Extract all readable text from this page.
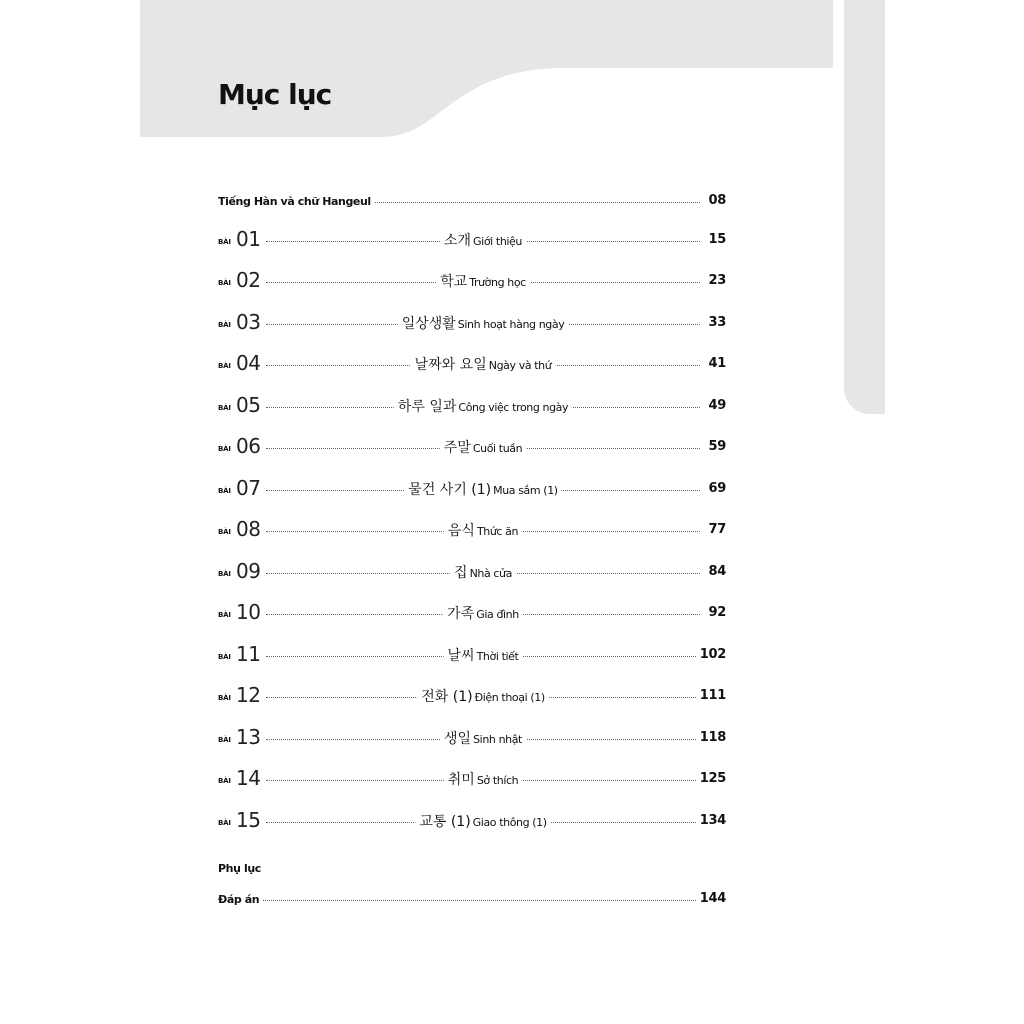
Mục lục
Tiếng Hàn và chữ Hangeul	08
BÀI 01	소개 Giới thiệu	15
BÀI 02	학교 Trường học	23
BÀI 03	일상생활 Sinh hoạt hàng ngày	33
BÀI 04	날짜와 요일 Ngày và thứ	41
BÀI 05	하루 일과 Công việc trong ngày	49
BÀI 06	주말 Cuối tuần	59
BÀI 07	물건 사기 (1) Mua sắm (1)	69
BÀI 08	음식 Thức ăn	77
BÀI 09	집 Nhà cửa	84
BÀI 10	가족 Gia đình	92
BÀI 11	날씨 Thời tiết	102
BÀI 12	전화 (1) Điện thoại (1)	111
BÀI 13	생일 Sinh nhật	118
BÀI 14	취미 Sở thích	125
BÀI 15	교통 (1) Giao thông (1)	134
Phụ lục
Đáp án	144
